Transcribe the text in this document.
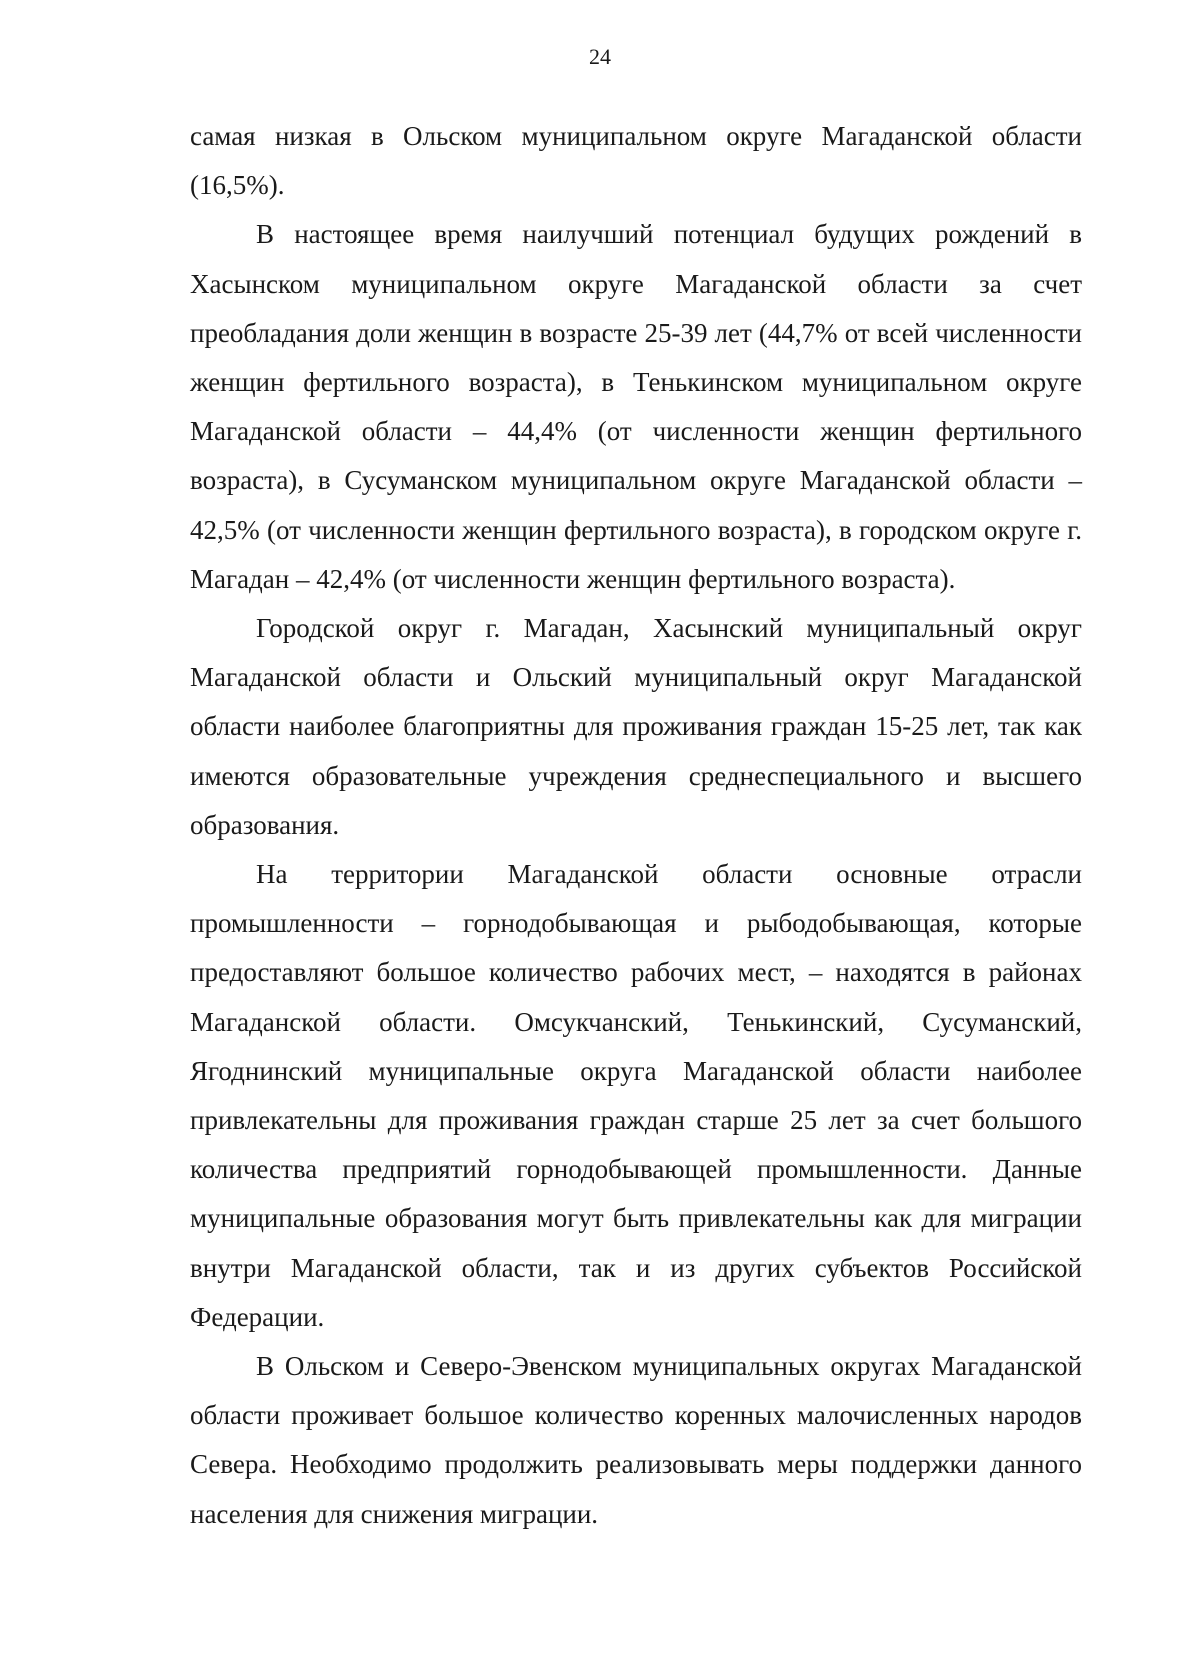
24

самая низкая в Ольском муниципальном округе Магаданской области (16,5%).

В настоящее время наилучший потенциал будущих рождений в Хасынском муниципальном округе Магаданской области за счет преобладания доли женщин в возрасте 25-39 лет (44,7% от всей численности женщин фертильного возраста), в Тенькинском муниципальном округе Магаданской области – 44,4% (от численности женщин фертильного возраста), в Сусуманском муниципальном округе Магаданской области – 42,5% (от численности женщин фертильного возраста), в городском округе г. Магадан – 42,4% (от численности женщин фертильного возраста).

Городской округ г. Магадан, Хасынский муниципальный округ Магаданской области и Ольский муниципальный округ Магаданской области наиболее благоприятны для проживания граждан 15-25 лет, так как имеются образовательные учреждения среднеспециального и высшего образования.

На территории Магаданской области основные отрасли промышленности – горнодобывающая и рыбодобывающая, которые предоставляют большое количество рабочих мест, – находятся в районах Магаданской области. Омсукчанский, Тенькинский, Сусуманский, Ягоднинский муниципальные округа Магаданской области наиболее привлекательны для проживания граждан старше 25 лет за счет большого количества предприятий горнодобывающей промышленности. Данные муниципальные образования могут быть привлекательны как для миграции внутри Магаданской области, так и из других субъектов Российской Федерации.

В Ольском и Северо-Эвенском муниципальных округах Магаданской области проживает большое количество коренных малочисленных народов Севера. Необходимо продолжить реализовывать меры поддержки данного населения для снижения миграции.
